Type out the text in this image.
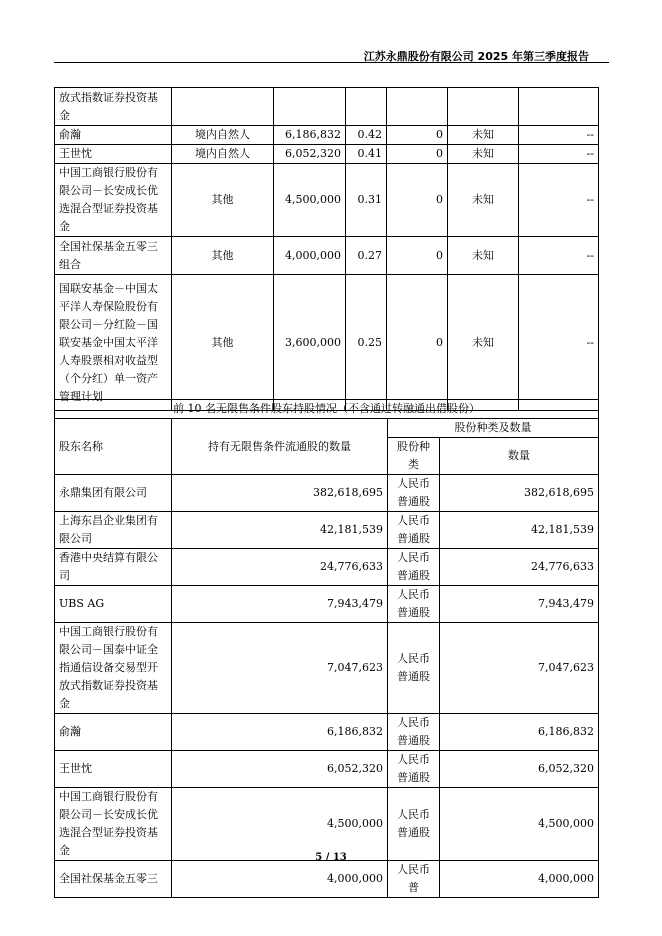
江苏永鼎股份有限公司 2025 年第三季度报告
放式指数证券投资基金						
俞瀚	境内自然人	6,186,832	0.42	0	未知	--
王世忱	境内自然人	6,052,320	0.41	0	未知	--
中国工商银行股份有限公司－长安成长优选混合型证券投资基金	其他	4,500,000	0.31	0	未知	--
全国社保基金五零三组合	其他	4,000,000	0.27	0	未知	--
国联安基金－中国太平洋人寿保险股份有限公司－分红险－国联安基金中国太平洋人寿股票相对收益型（个分红）单一资产管理计划	其他	3,600,000	0.25	0	未知	--
前 10 名无限售条件股东持股情况（不含通过转融通出借股份）			
股东名称	持有无限售条件流通股的数量	股份种类及数量	
		股份种类	数量
永鼎集团有限公司	382,618,695	人民币普通股	382,618,695
上海东昌企业集团有限公司	42,181,539	人民币普通股	42,181,539
香港中央结算有限公司	24,776,633	人民币普通股	24,776,633
UBS AG	7,943,479	人民币普通股	7,943,479
中国工商银行股份有限公司－国泰中证全指通信设备交易型开放式指数证券投资基金	7,047,623	人民币普通股	7,047,623
俞瀚	6,186,832	人民币普通股	6,186,832
王世忱	6,052,320	人民币普通股	6,052,320
中国工商银行股份有限公司－长安成长优选混合型证券投资基金	4,500,000	人民币普通股	4,500,000
全国社保基金五零三	4,000,000	人民币普	4,000,000
5 / 13
